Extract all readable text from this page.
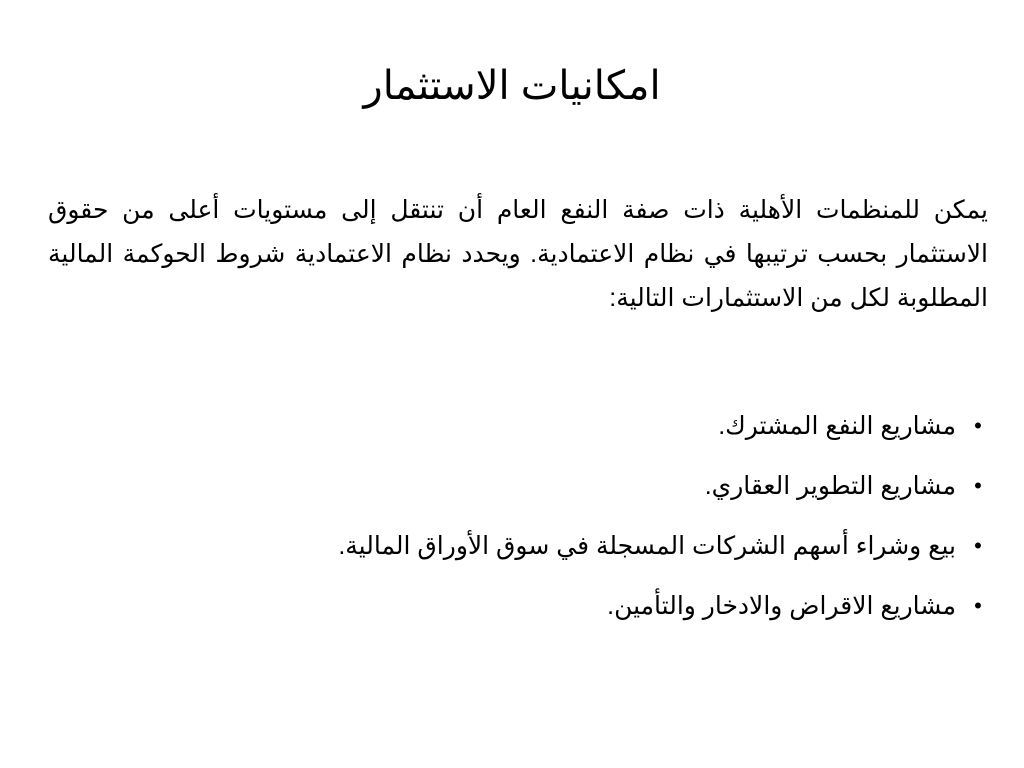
امكانيات الاستثمار

يمكن للمنظمات الأهلية ذات صفة النفع العام أن تنتقل إلى مستويات أعلى من حقوق الاستثمار بحسب ترتيبها في نظام الاعتمادية. ويحدد نظام الاعتمادية شروط الحوكمة المالية المطلوبة لكل من الاستثمارات التالية:

•
مشاريع النفع المشترك.
•
مشاريع التطوير العقاري.
•
بيع وشراء أسهم الشركات المسجلة في سوق الأوراق المالية.
•
مشاريع الاقراض والادخار والتأمين.
